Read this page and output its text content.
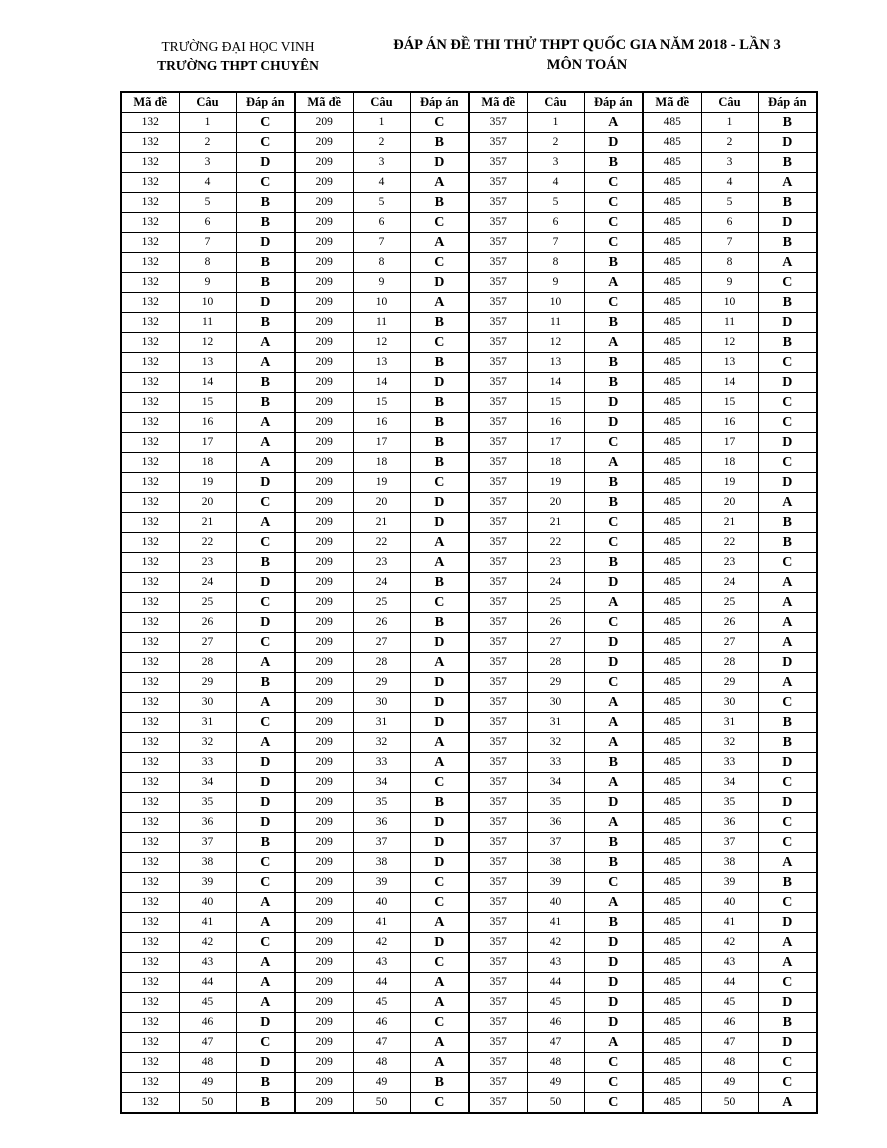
TRƯỜNG ĐẠI HỌC VINH
TRƯỜNG THPT CHUYÊN
ĐÁP ÁN ĐỀ THI THỬ THPT QUỐC GIA NĂM 2018 - LẦN 3
MÔN TOÁN
Mã đề	Câu	Đáp án	Mã đề	Câu	Đáp án	Mã đề	Câu	Đáp án	Mã đề	Câu	Đáp án
132	1	C	209	1	C	357	1	A	485	1	B
132	2	C	209	2	B	357	2	D	485	2	D
132	3	D	209	3	D	357	3	B	485	3	B
132	4	C	209	4	A	357	4	C	485	4	A
132	5	B	209	5	B	357	5	C	485	5	B
132	6	B	209	6	C	357	6	C	485	6	D
132	7	D	209	7	A	357	7	C	485	7	B
132	8	B	209	8	C	357	8	B	485	8	A
132	9	B	209	9	D	357	9	A	485	9	C
132	10	D	209	10	A	357	10	C	485	10	B
132	11	B	209	11	B	357	11	B	485	11	D
132	12	A	209	12	C	357	12	A	485	12	B
132	13	A	209	13	B	357	13	B	485	13	C
132	14	B	209	14	D	357	14	B	485	14	D
132	15	B	209	15	B	357	15	D	485	15	C
132	16	A	209	16	B	357	16	D	485	16	C
132	17	A	209	17	B	357	17	C	485	17	D
132	18	A	209	18	B	357	18	A	485	18	C
132	19	D	209	19	C	357	19	B	485	19	D
132	20	C	209	20	D	357	20	B	485	20	A
132	21	A	209	21	D	357	21	C	485	21	B
132	22	C	209	22	A	357	22	C	485	22	B
132	23	B	209	23	A	357	23	B	485	23	C
132	24	D	209	24	B	357	24	D	485	24	A
132	25	C	209	25	C	357	25	A	485	25	A
132	26	D	209	26	B	357	26	C	485	26	A
132	27	C	209	27	D	357	27	D	485	27	A
132	28	A	209	28	A	357	28	D	485	28	D
132	29	B	209	29	D	357	29	C	485	29	A
132	30	A	209	30	D	357	30	A	485	30	C
132	31	C	209	31	D	357	31	A	485	31	B
132	32	A	209	32	A	357	32	A	485	32	B
132	33	D	209	33	A	357	33	B	485	33	D
132	34	D	209	34	C	357	34	A	485	34	C
132	35	D	209	35	B	357	35	D	485	35	D
132	36	D	209	36	D	357	36	A	485	36	C
132	37	B	209	37	D	357	37	B	485	37	C
132	38	C	209	38	D	357	38	B	485	38	A
132	39	C	209	39	C	357	39	C	485	39	B
132	40	A	209	40	C	357	40	A	485	40	C
132	41	A	209	41	A	357	41	B	485	41	D
132	42	C	209	42	D	357	42	D	485	42	A
132	43	A	209	43	C	357	43	D	485	43	A
132	44	A	209	44	A	357	44	D	485	44	C
132	45	A	209	45	A	357	45	D	485	45	D
132	46	D	209	46	C	357	46	D	485	46	B
132	47	C	209	47	A	357	47	A	485	47	D
132	48	D	209	48	A	357	48	C	485	48	C
132	49	B	209	49	B	357	49	C	485	49	C
132	50	B	209	50	C	357	50	C	485	50	A
